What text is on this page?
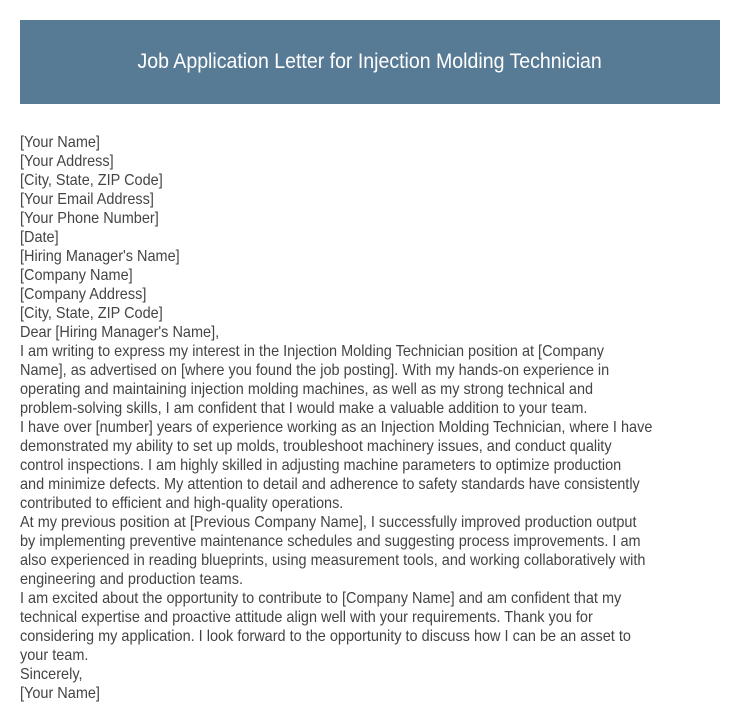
Job Application Letter for Injection Molding Technician
[Your Name]
[Your Address]
[City, State, ZIP Code]
[Your Email Address]
[Your Phone Number]
[Date]
[Hiring Manager's Name]
[Company Name]
[Company Address]
[City, State, ZIP Code]
Dear [Hiring Manager's Name],
I am writing to express my interest in the Injection Molding Technician position at [Company
Name], as advertised on [where you found the job posting]. With my hands-on experience in
operating and maintaining injection molding machines, as well as my strong technical and
problem-solving skills, I am confident that I would make a valuable addition to your team.
I have over [number] years of experience working as an Injection Molding Technician, where I have
demonstrated my ability to set up molds, troubleshoot machinery issues, and conduct quality
control inspections. I am highly skilled in adjusting machine parameters to optimize production
and minimize defects. My attention to detail and adherence to safety standards have consistently
contributed to efficient and high-quality operations.
At my previous position at [Previous Company Name], I successfully improved production output
by implementing preventive maintenance schedules and suggesting process improvements. I am
also experienced in reading blueprints, using measurement tools, and working collaboratively with
engineering and production teams.
I am excited about the opportunity to contribute to [Company Name] and am confident that my
technical expertise and proactive attitude align well with your requirements. Thank you for
considering my application. I look forward to the opportunity to discuss how I can be an asset to
your team.
Sincerely,
[Your Name]
